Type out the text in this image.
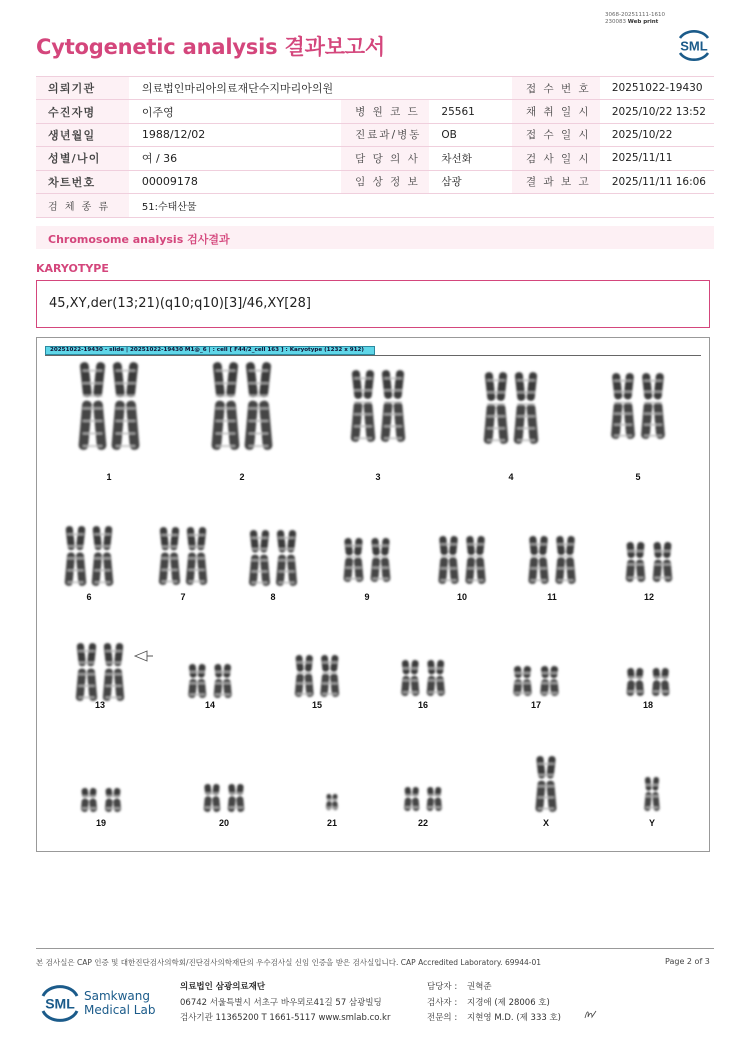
3068-20251111-1610
230083 Web print
Cytogenetic analysis 결과보고서	SML
의뢰기관	의료법인마리아의료재단수지마리아의원			접 수 번 호	20251022-19430
수진자명	이주영	병 원 코 드	25561	채 취 일 시	2025/10/22 13:52
생년월일	1988/12/02	진료과/병동	OB	접 수 일 시	2025/10/22
성별/나이	여 / 36	담 당 의 사	차선화	검 사 일 시	2025/11/11
차트번호	00009178	임 상 정 보	삼광	결 과 보 고	2025/11/11 16:06
검 체 종 류	51:수태산물				
Chromosome analysis 검사결과
KARYOTYPE
45,XY,der(13;21)(q10;q10)[3]/46,XY[28]
1	2	3	4	5
6	7	8	9	10	11	12
13	14	15	16	17	18
19	20	21	22	X	Y
20251022-19430 - slide | 20251022-19430 M1@_6 | : cell [ F44/2_cell 163 ] : Karyotype (1232 x 912)
본 검사실은 CAP 인증 및 대한진단검사의학회/진단검사의학재단의 우수검사실 신임 인증을 받은 검사실입니다. CAP Accredited Laboratory. 69944-01	Page 2 of 3
SML Samkwang
Medical Lab
의료법인 삼광의료재단
06742 서울특별시 서초구 바우뫼로41길 57 삼광빌딩
검사기관 11365200 T 1661-5117 www.smlab.co.kr
담당자 : 권혁준
검사자 : 지경애 (제 28006 호)
전문의 : 지현영 M.D. (제 333 호)
